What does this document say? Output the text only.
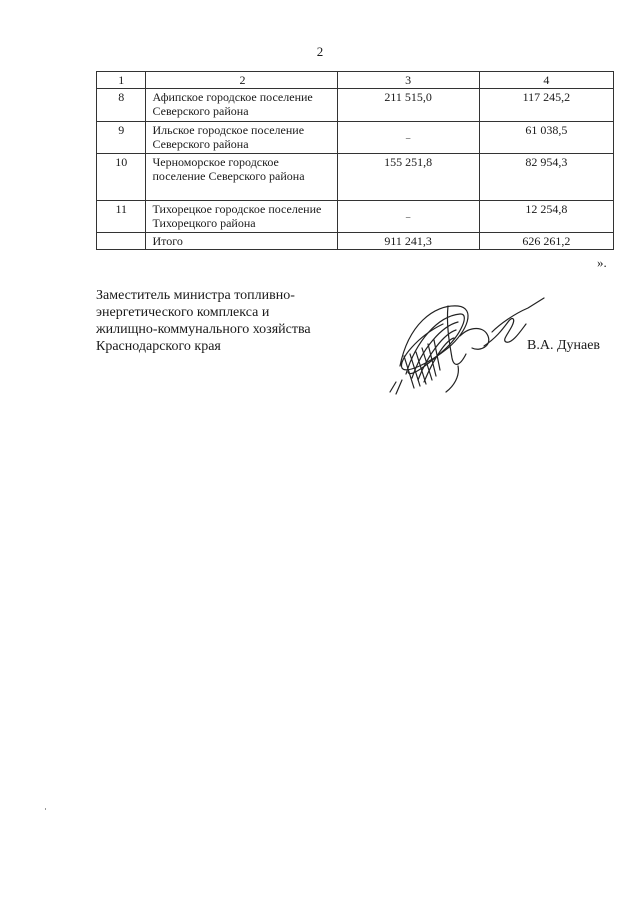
2
1	2	3	4
8	Афипское городское поселение Северского района	211 515,0	117 245,2
9	Ильское городское поселение Северского района	–	61 038,5
10	Черноморское городское поселение Северского района	155 251,8	82 954,3
11	Тихорецкое городское поселение Тихорецкого района	–	12 254,8
	Итого	911 241,3	626 261,2
».
Заместитель министра топливно-
энергетического комплекса и
жилищно-коммунального хозяйства
Краснодарского края	В.А. Дунаев
